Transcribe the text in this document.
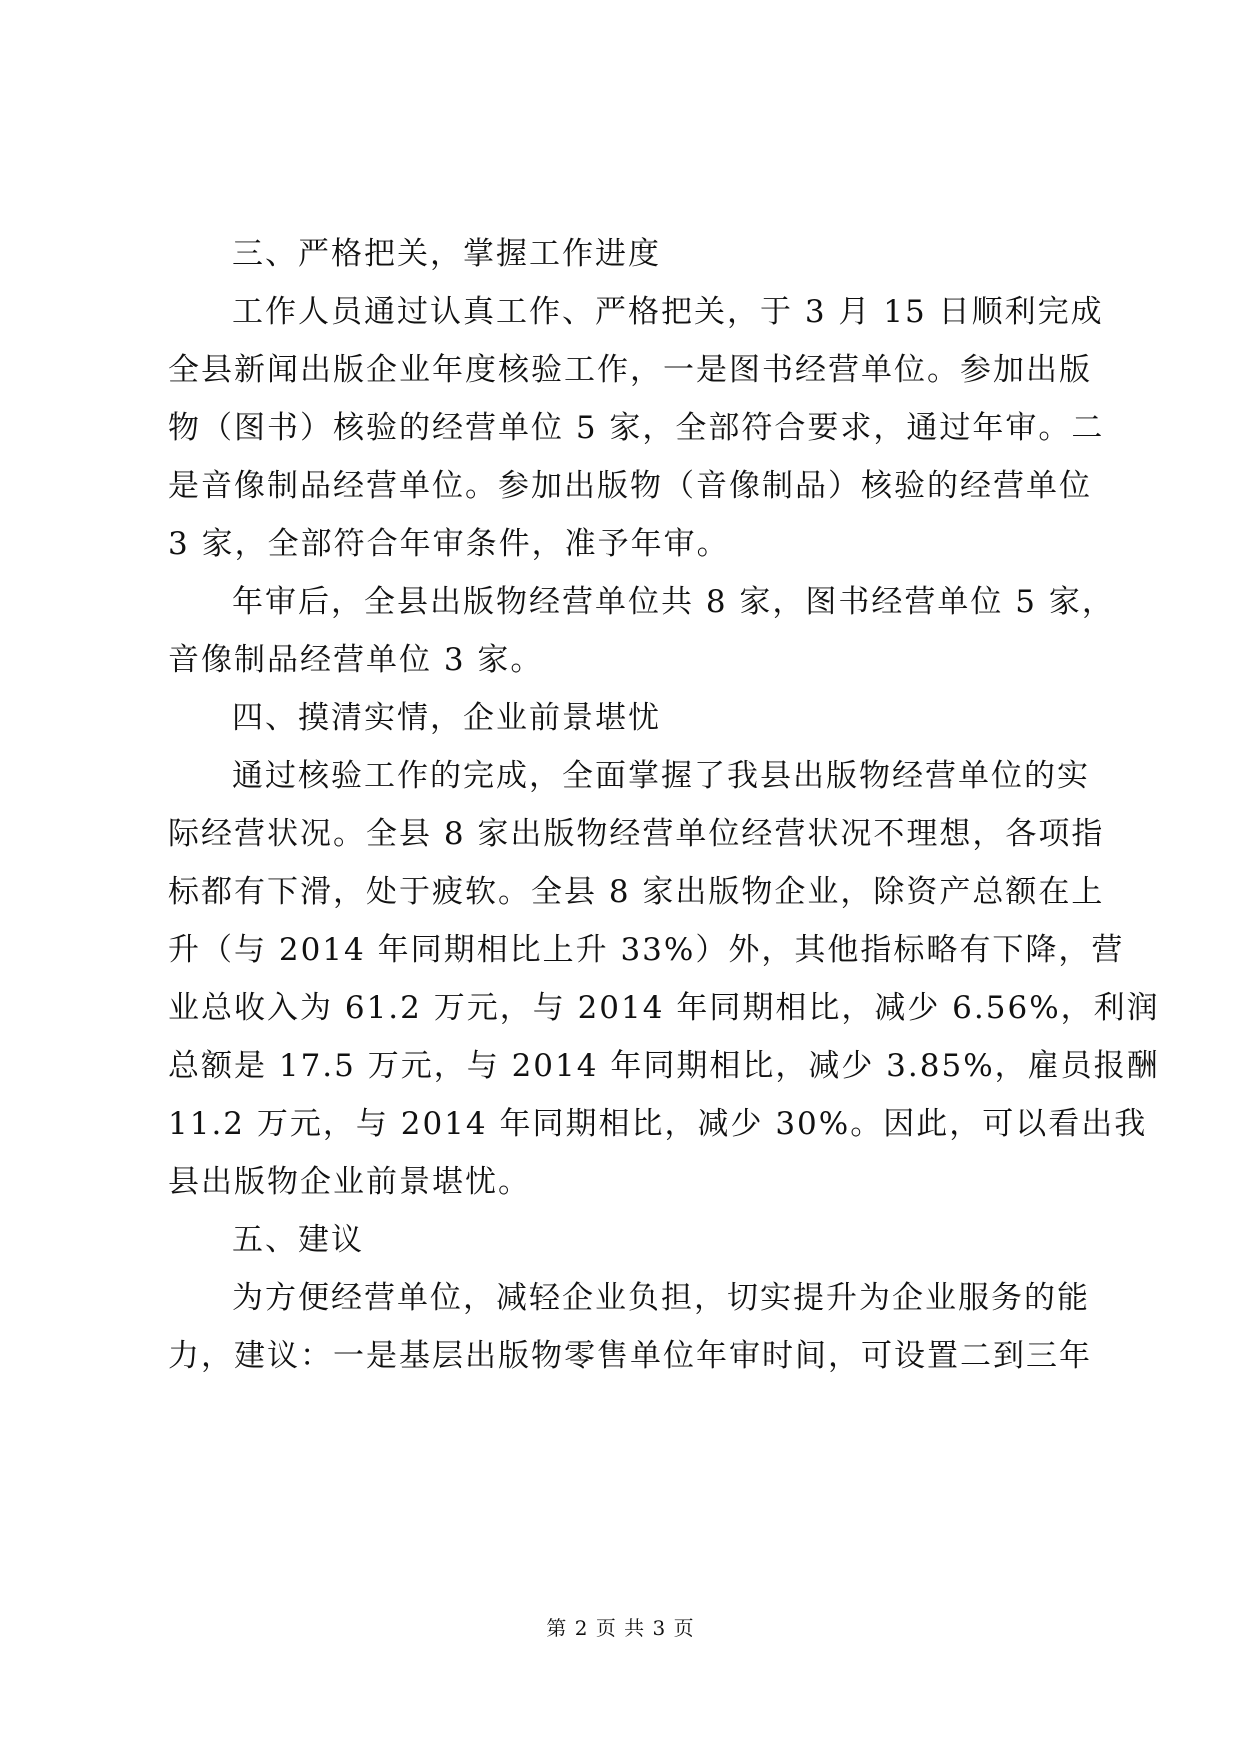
三、严格把关，掌握工作进度
工作人员通过认真工作、严格把关，于 3 月 15 日顺利完成
全县新闻出版企业年度核验工作，一是图书经营单位。参加出版
物（图书）核验的经营单位 5 家，全部符合要求，通过年审。二
是音像制品经营单位。参加出版物（音像制品）核验的经营单位
3 家，全部符合年审条件，准予年审。
年审后，全县出版物经营单位共 8 家，图书经营单位 5 家，
音像制品经营单位 3 家。
四、摸清实情，企业前景堪忧
通过核验工作的完成，全面掌握了我县出版物经营单位的实
际经营状况。全县 8 家出版物经营单位经营状况不理想，各项指
标都有下滑，处于疲软。全县 8 家出版物企业，除资产总额在上
升（与 2014 年同期相比上升 33%）外，其他指标略有下降，营
业总收入为 61.2 万元，与 2014 年同期相比，减少 6.56%，利润
总额是 17.5 万元，与 2014 年同期相比，减少 3.85%，雇员报酬
11.2 万元，与 2014 年同期相比，减少 30%。因此，可以看出我
县出版物企业前景堪忧。
五、建议
为方便经营单位，减轻企业负担，切实提升为企业服务的能
力，建议：一是基层出版物零售单位年审时间，可设置二到三年
第 2 页 共 3 页
